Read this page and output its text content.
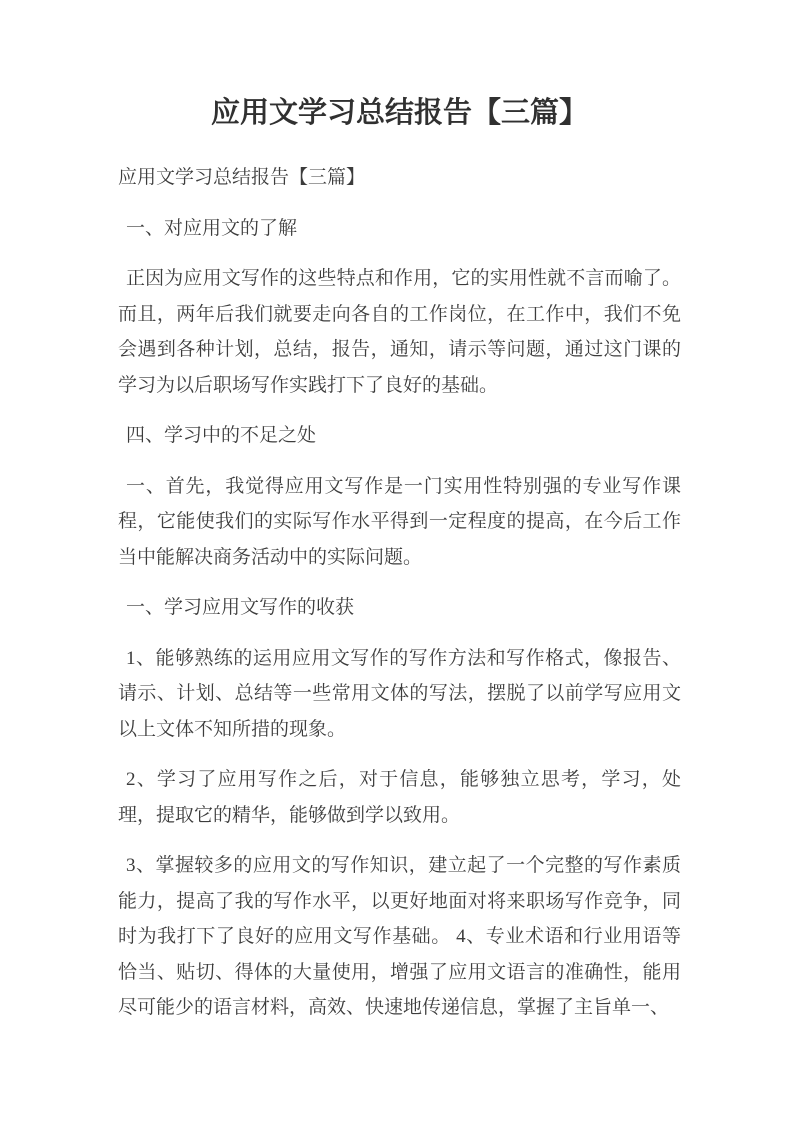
应用文学习总结报告【三篇】

应用文学习总结报告【三篇】

一、对应用文的了解

正因为应用文写作的这些特点和作用，它的实用性就不言而喻了。而且，两年后我们就要走向各自的工作岗位，在工作中，我们不免会遇到各种计划，总结，报告，通知，请示等问题，通过这门课的学习为以后职场写作实践打下了良好的基础。

四、学习中的不足之处

一、首先，我觉得应用文写作是一门实用性特别强的专业写作课程，它能使我们的实际写作水平得到一定程度的提高，在今后工作当中能解决商务活动中的实际问题。

一、学习应用文写作的收获

1、能够熟练的运用应用文写作的写作方法和写作格式，像报告、请示、计划、总结等一些常用文体的写法，摆脱了以前学写应用文以上文体不知所措的现象。

2、学习了应用写作之后，对于信息，能够独立思考，学习，处理，提取它的精华，能够做到学以致用。

3、掌握较多的应用文的写作知识，建立起了一个完整的写作素质能力，提高了我的写作水平，以更好地面对将来职场写作竞争，同时为我打下了良好的应用文写作基础。 4、专业术语和行业用语等恰当、贴切、得体的大量使用，增强了应用文语言的准确性，能用尽可能少的语言材料，高效、快速地传递信息，掌握了主旨单一、
